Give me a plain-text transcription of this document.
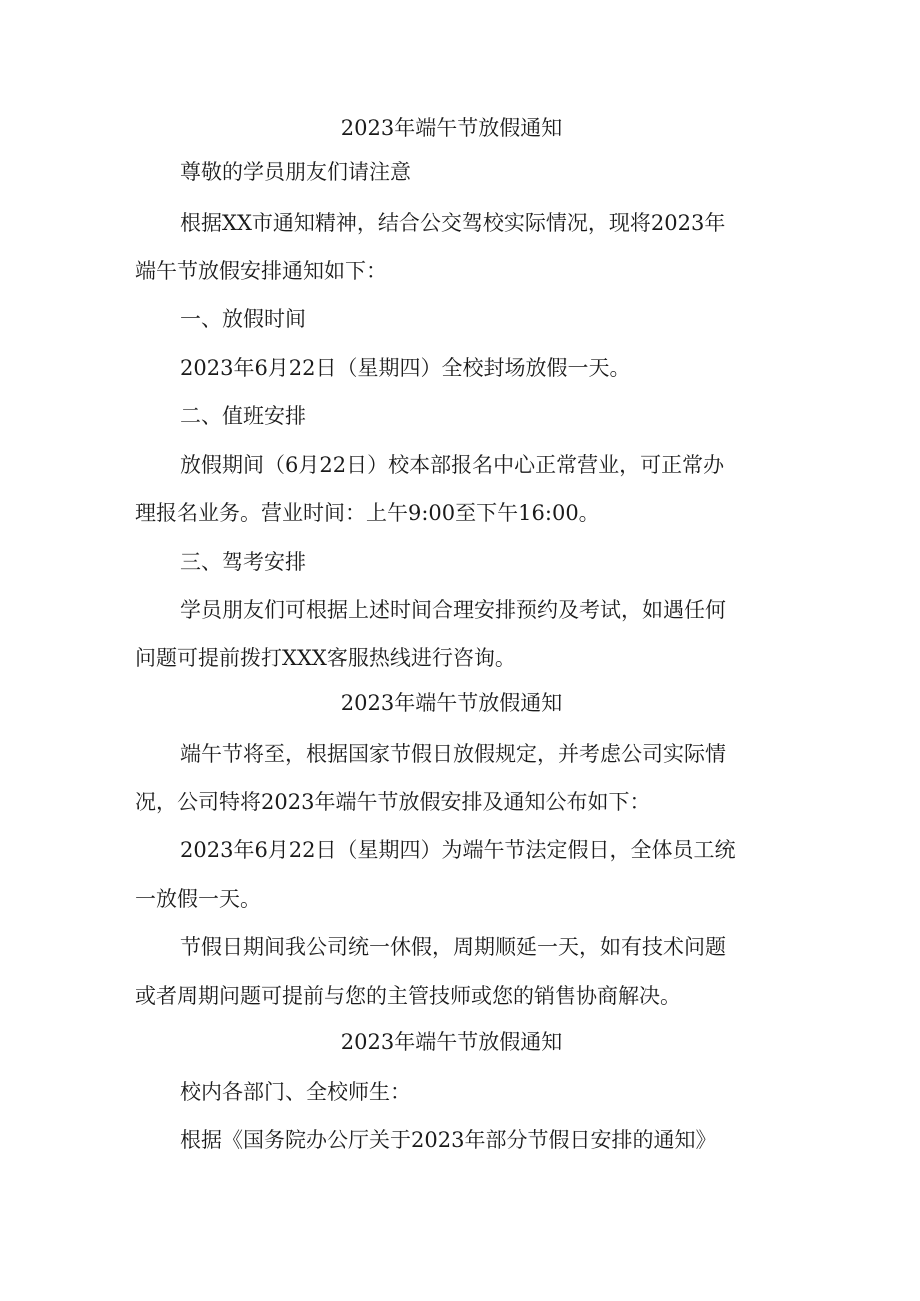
2023年端午节放假通知
尊敬的学员朋友们请注意
根据XX市通知精神，结合公交驾校实际情况，现将2023年
端午节放假安排通知如下：
一、放假时间
2023年6月22日（星期四）全校封场放假一天。
二、值班安排
放假期间（6月22日）校本部报名中心正常营业，可正常办
理报名业务。营业时间：上午9:00至下午16:00。
三、驾考安排
学员朋友们可根据上述时间合理安排预约及考试，如遇任何
问题可提前拨打XXX客服热线进行咨询。
2023年端午节放假通知
端午节将至，根据国家节假日放假规定，并考虑公司实际情
况，公司特将2023年端午节放假安排及通知公布如下：
2023年6月22日（星期四）为端午节法定假日，全体员工统
一放假一天。
节假日期间我公司统一休假，周期顺延一天，如有技术问题
或者周期问题可提前与您的主管技师或您的销售协商解决。
2023年端午节放假通知
校内各部门、全校师生：
根据《国务院办公厅关于2023年部分节假日安排的通知》
